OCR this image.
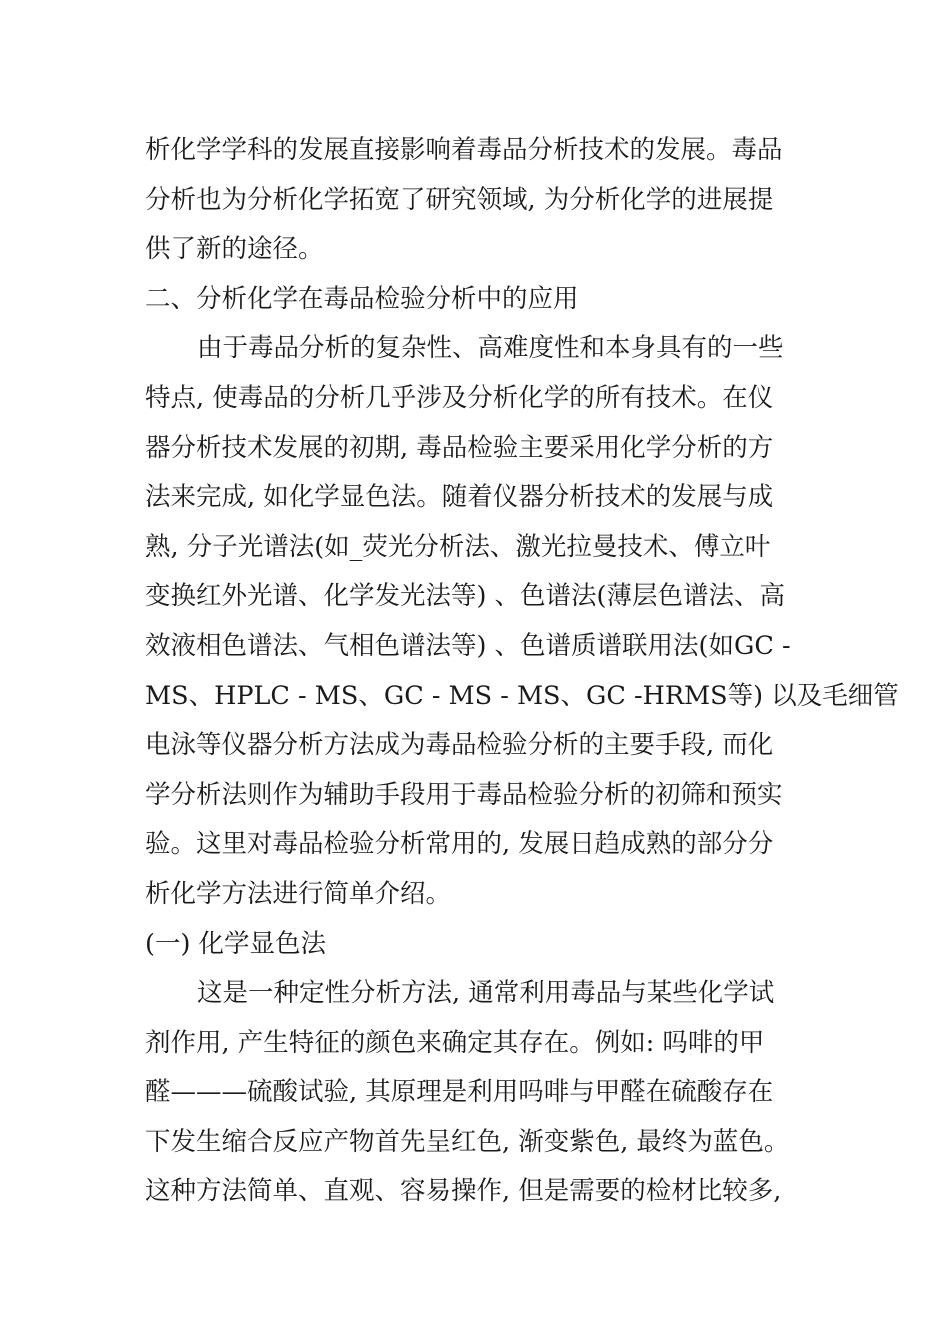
析化学学科的发展直接影响着毒品分析技术的发展。毒品
分析也为分析化学拓宽了研究领域, 为分析化学的进展提
供了新的途径。
二、分析化学在毒品检验分析中的应用
由于毒品分析的复杂性、高难度性和本身具有的一些
特点, 使毒品的分析几乎涉及分析化学的所有技术。在仪
器分析技术发展的初期, 毒品检验主要采用化学分析的方
法来完成, 如化学显色法。随着仪器分析技术的发展与成
熟, 分子光谱法(如_荧光分析法、激光拉曼技术、傅立叶
变换红外光谱、化学发光法等) 、色谱法(薄层色谱法、高
效液相色谱法、气相色谱法等) 、色谱质谱联用法(如GC -
MS、HPLC - MS、GC - MS - MS、GC -HRMS等) 以及毛细管
电泳等仪器分析方法成为毒品检验分析的主要手段, 而化
学分析法则作为辅助手段用于毒品检验分析的初筛和预实
验。这里对毒品检验分析常用的, 发展日趋成熟的部分分
析化学方法进行简单介绍。
(一) 化学显色法
这是一种定性分析方法, 通常利用毒品与某些化学试
剂作用, 产生特征的颜色来确定其存在。例如: 吗啡的甲
醛———硫酸试验, 其原理是利用吗啡与甲醛在硫酸存在
下发生缩合反应产物首先呈红色, 渐变紫色, 最终为蓝色。
这种方法简单、直观、容易操作, 但是需要的检材比较多,
